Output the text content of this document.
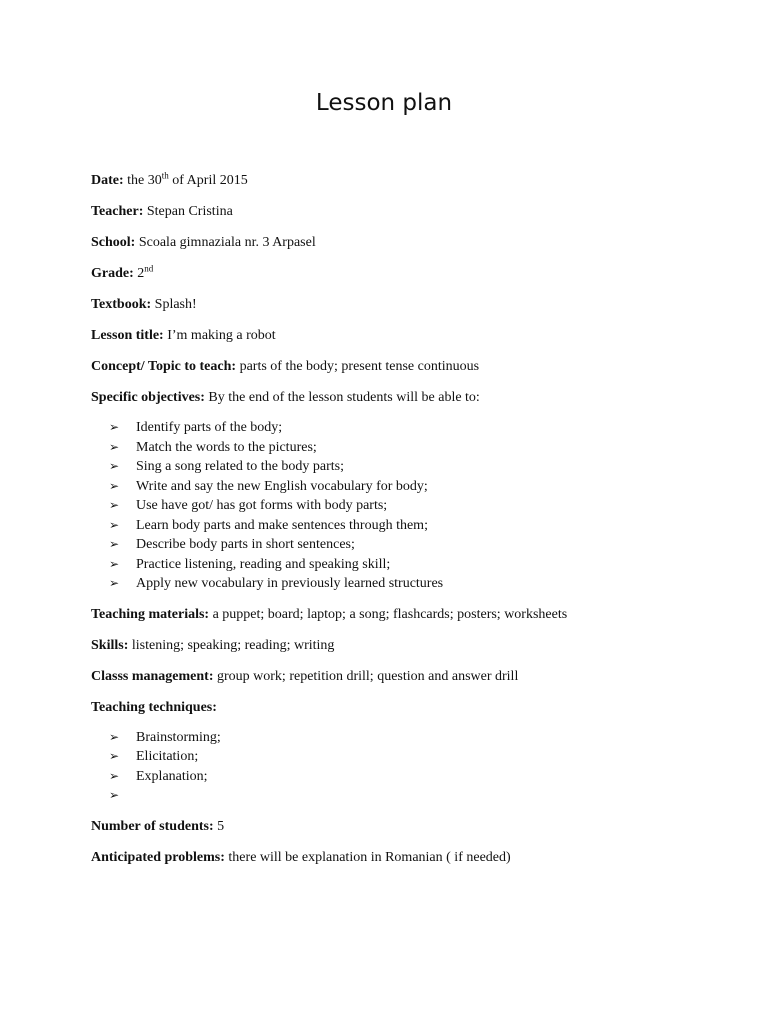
Lesson plan
Date: the 30th of April 2015
Teacher: Stepan Cristina
School: Scoala gimnaziala nr. 3 Arpasel
Grade: 2nd
Textbook: Splash!
Lesson title: I’m making a robot
Concept/ Topic to teach: parts of the body; present tense continuous
Specific objectives: By the end of the lesson students will be able to:
➢ Identify parts of the body;
➢ Match the words to the pictures;
➢ Sing a song related to the body parts;
➢ Write and say the new English vocabulary for body;
➢ Use have got/ has got forms with body parts;
➢ Learn body parts and make sentences through them;
➢ Describe body parts in short sentences;
➢ Practice listening, reading and speaking skill;
➢ Apply new vocabulary in previously learned structures
Teaching materials: a puppet; board; laptop; a song; flashcards; posters; worksheets
Skills: listening; speaking; reading; writing
Classs management: group work; repetition drill; question and answer drill
Teaching techniques:
➢ Brainstorming;
➢ Elicitation;
➢ Explanation;
➢
Number of students: 5
Anticipated problems: there will be explanation in Romanian ( if needed)
